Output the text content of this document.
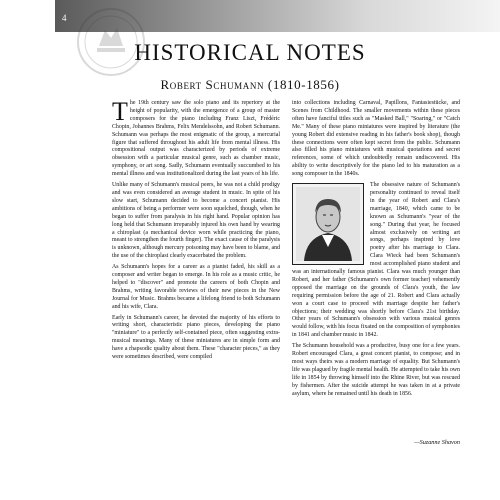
4
HISTORICAL NOTES
Robert Schumann (1810-1856)

The 19th century saw the solo piano and its repertory at the height of popularity, with the emergence of a group of master composers for the piano including Franz Liszt, Frédéric Chopin, Johannes Brahms, Felix Mendelssohn, and Robert Schumann. Schumann was perhaps the most enigmatic of the group, a mercurial figure that suffered throughout his adult life from mental illness. His compositional output was characterized by periods of extreme obsession with a particular musical genre, such as chamber music, symphony, or art song. Sadly, Schumann eventually succumbed to his mental illness and was institutionalized during the last years of his life.

Unlike many of Schumann's musical peers, he was not a child prodigy and was even considered an average student in music. In spite of his slow start, Schumann decided to become a concert pianist. His ambitions of being a performer were soon squelched, though, when he began to suffer from paralysis in his right hand. Popular opinion has long held that Schumann irreparably injured his own hand by wearing a chiroplast (a mechanical device worn while practicing the piano, meant to strengthen the fourth finger). The exact cause of the paralysis is unknown, although mercury poisoning may have been to blame, and the use of the chiroplast clearly exacerbated the problem.

As Schumann's hopes for a career as a pianist faded, his skill as a composer and writer began to emerge. In his role as a music critic, he helped to "discover" and promote the careers of both Chopin and Brahms, writing favorable reviews of their new pieces in the New Journal for Music. Brahms became a lifelong friend to both Schumann and his wife, Clara.

Early in Schumann's career, he devoted the majority of his efforts to writing short, characteristic piano pieces, developing the piano "miniature" to a perfectly self-contained piece, often suggesting extra-musical meanings. Many of these miniatures are in simple form and have a rhapsodic quality about them. These "character pieces," as they were sometimes described, were compiled

into collections including Carnaval, Papillons, Fantasiestücke, and Scenes from Childhood. The smaller movements within these pieces often have fanciful titles such as "Masked Ball," "Soaring," or "Catch Me." Many of these piano miniatures were inspired by literature (the young Robert did extensive reading in his father's book shop), though these connections were often kept secret from the public. Schumann also filled his piano miniatures with musical quotations and secret references, some of which undoubtedly remain undiscovered. His ability to write descriptively for the piano led to his maturation as a song composer in the 1840s.

The obsessive nature of Schumann's personality continued to reveal itself in the year of Robert and Clara's marriage, 1840, which came to be known as Schumann's "year of the song." During that year, he focused almost exclusively on writing art songs, perhaps inspired by love poetry after his marriage to Clara. Clara Wieck had been Schumann's most accomplished piano student and was an internationally famous pianist. Clara was much younger than Robert, and her father (Schumann's own former teacher) vehemently opposed the marriage on the grounds of Clara's youth, the law requiring permission before the age of 21. Robert and Clara actually won a court case to proceed with marriage despite her father's objections; their wedding was shortly before Clara's 21st birthday. Other years of Schumann's obsession with various musical genres would follow, with his focus fixated on the composition of symphonies in 1841 and chamber music in 1842.

The Schumann household was a productive, busy one for a few years. Robert encouraged Clara, a great concert pianist, to compose; and in most ways theirs was a modern marriage of equality. But Schumann's life was plagued by fragile mental health. He attempted to take his own life in 1854 by throwing himself into the Rhine River, but was rescued by fishermen. After the suicide attempt he was taken in at a private asylum, where he remained until his death in 1856.

—Suzanne Shavon
